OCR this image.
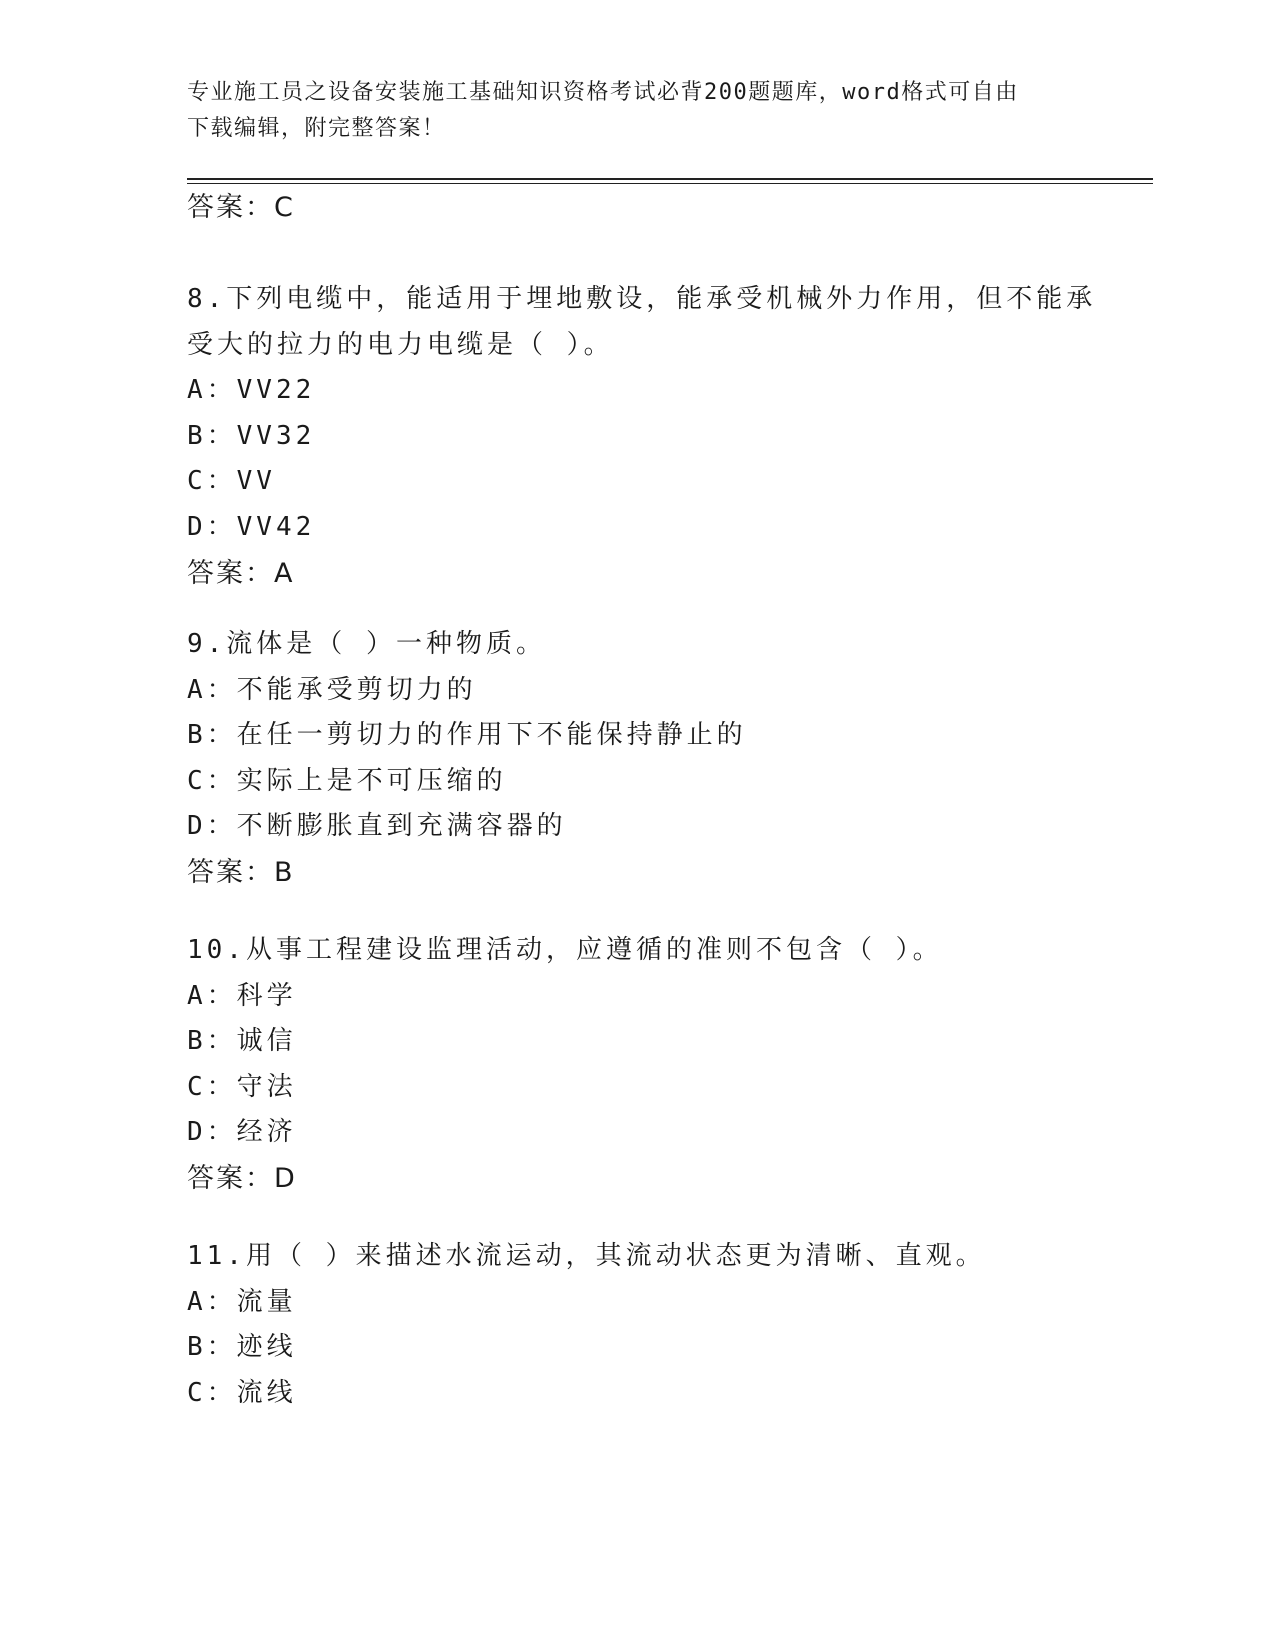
专业施工员之设备安装施工基础知识资格考试必背200题题库，word格式可自由
下载编辑，附完整答案！
答案：C
8.下列电缆中，能适用于埋地敷设，能承受机械外力作用，但不能承
受大的拉力的电力电缆是（ ）。
A：VV22
B：VV32
C：VV
D：VV42
答案：A
9.流体是（ ）一种物质。
A：不能承受剪切力的
B：在任一剪切力的作用下不能保持静止的
C：实际上是不可压缩的
D：不断膨胀直到充满容器的
答案：B
10.从事工程建设监理活动，应遵循的准则不包含（ ）。
A：科学
B：诚信
C：守法
D：经济
答案：D
11.用（ ）来描述水流运动，其流动状态更为清晰、直观。
A：流量
B：迹线
C：流线
